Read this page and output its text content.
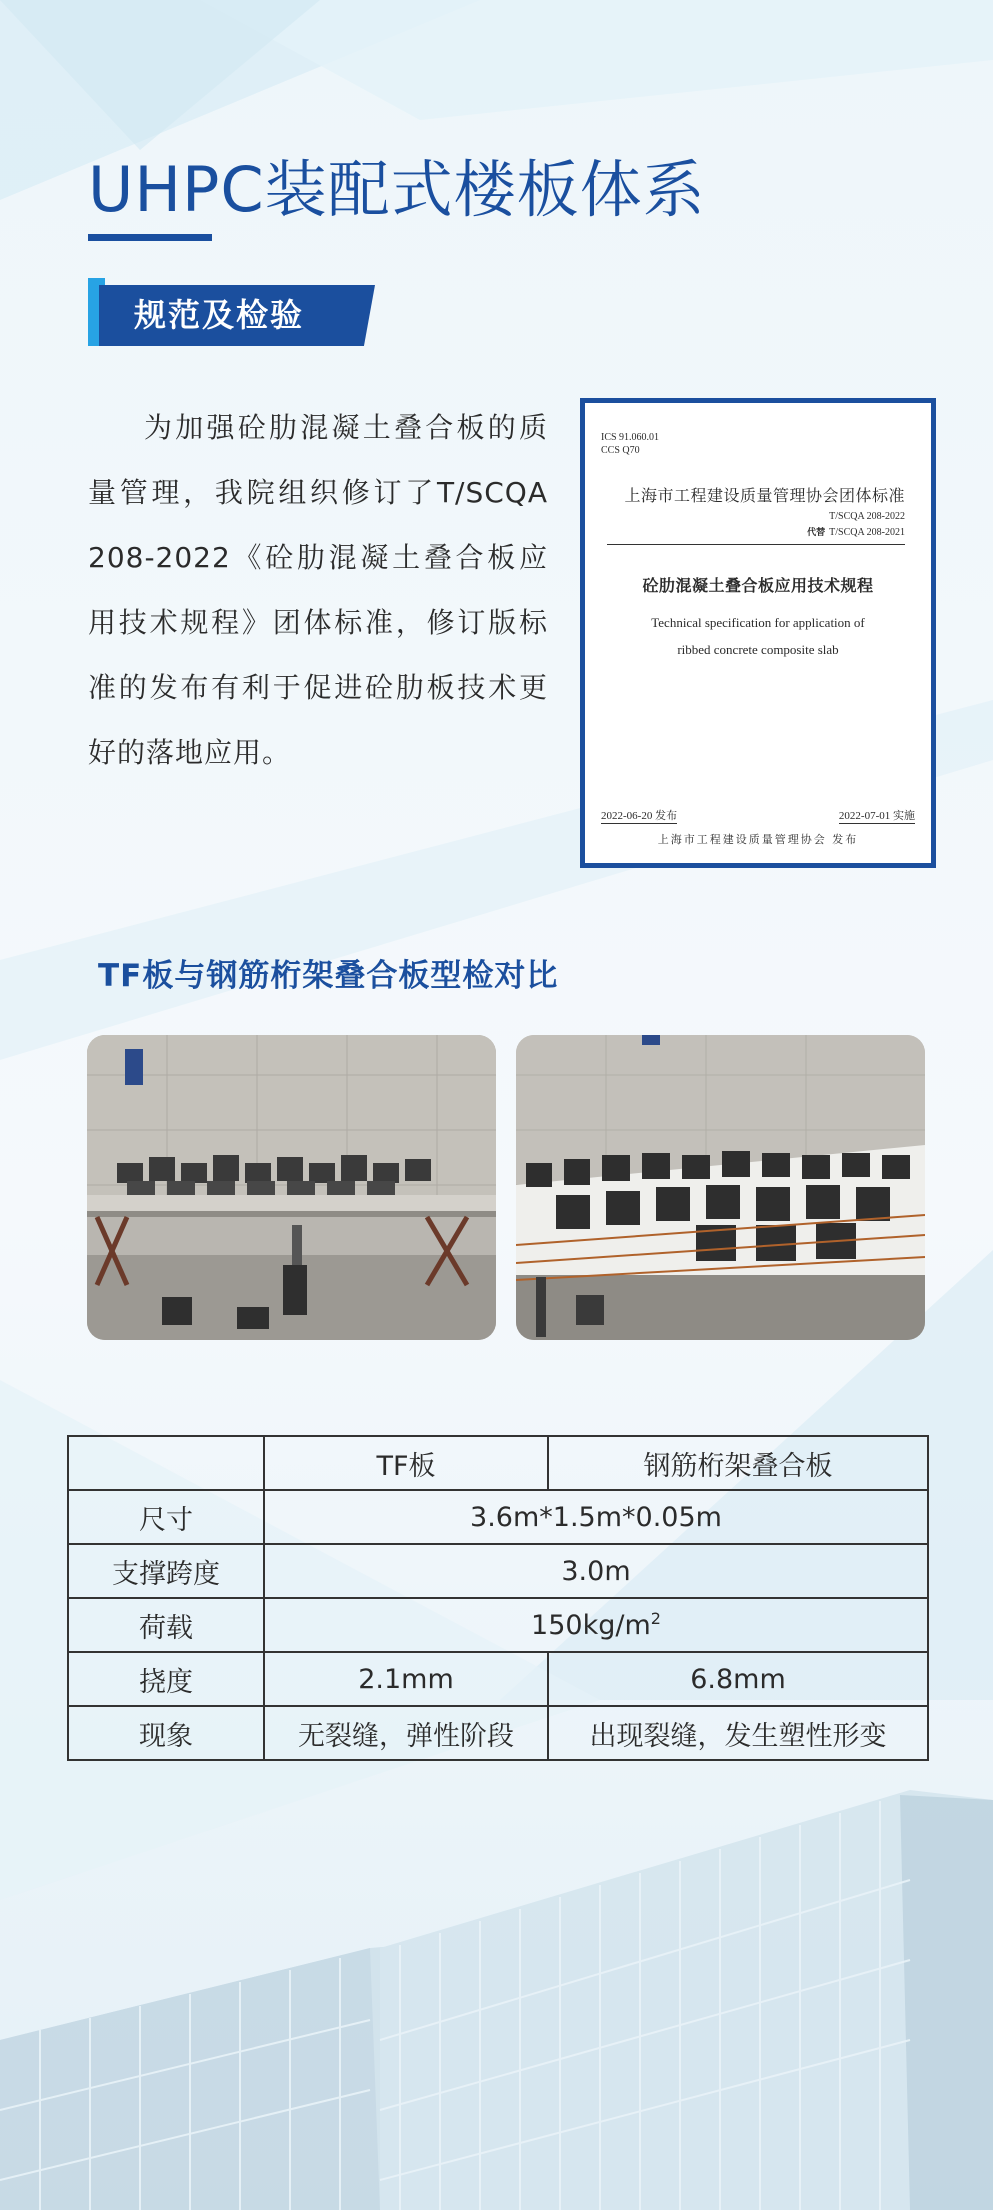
UHPC装配式楼板体系
规范及检验

为加强砼肋混凝土叠合板的质量管理，我院组织修订了T/SCQA 208-2022《砼肋混凝土叠合板应用技术规程》团体标准，修订版标准的发布有利于促进砼肋板技术更好的落地应用。

ICS 91.060.01
CCS Q70
上海市工程建设质量管理协会团体标准
T/SCQA 208-2022
代替 T/SCQA 208-2021
砼肋混凝土叠合板应用技术规程
Technical specification for application of
ribbed concrete composite slab
2022-06-20 发布	2022-07-01 实施
上海市工程建设质量管理协会 发布
TF板与钢筋桁架叠合板型检对比
	TF板	钢筋桁架叠合板
尺寸	3.6m*1.5m*0.05m	
支撑跨度	3.0m	
荷载	$150kg/m^2$
挠度	2.1mm	6.8mm
现象	无裂缝，弹性阶段	出现裂缝，发生塑性形变
